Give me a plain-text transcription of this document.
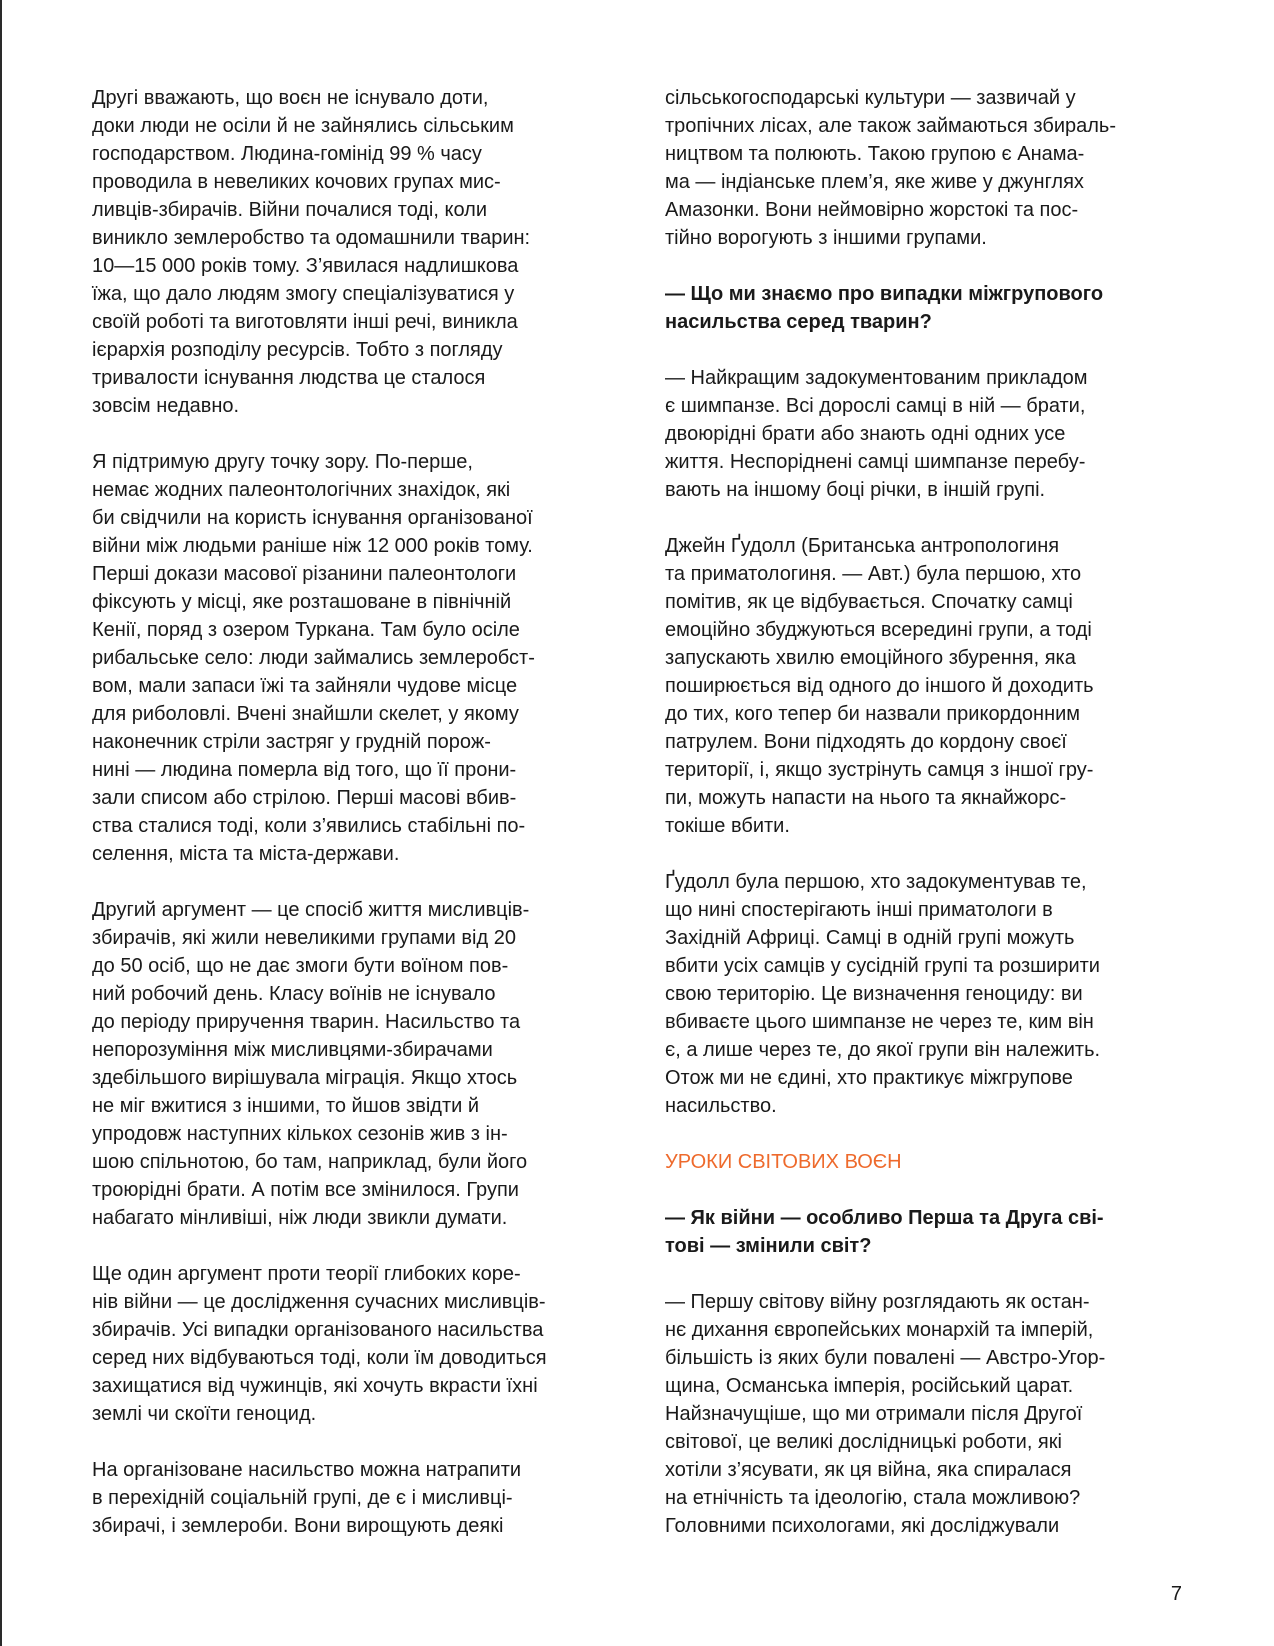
Другі вважають, що воєн не існувало доти,
доки люди не осіли й не зайнялись сільським
господарством. Людина-гомінід 99 % часу
проводила в невеликих кочових групах мис-
ливців-збирачів. Війни почалися тоді, коли
виникло землеробство та одомашнили тварин:
10—15 000 років тому. З’явилася надлишкова
їжа, що дало людям змогу спеціалізуватися у
своїй роботі та виготовляти інші речі, виникла
ієрархія розподілу ресурсів. Тобто з погляду
тривалости існування людства це сталося
зовсім недавно.

Я підтримую другу точку зору. По-перше,
немає жодних палеонтологічних знахідок, які
би свідчили на користь існування організованої
війни між людьми раніше ніж 12 000 років тому.
Перші докази масової різанини палеонтологи
фіксують у місці, яке розташоване в північній
Кенії, поряд з озером Туркана. Там було осіле
рибальське село: люди займались землеробст-
вом, мали запаси їжі та зайняли чудове місце
для риболовлі. Вчені знайшли скелет, у якому
наконечник стріли застряг у грудній порож-
нині — людина померла від того, що її прони-
зали списом або стрілою. Перші масові вбив-
ства сталися тоді, коли з’явились стабільні по-
селення, міста та міста-держави.

Другий аргумент — це спосіб життя мисливців-
збирачів, які жили невеликими групами від 20
до 50 осіб, що не дає змоги бути воїном пов-
ний робочий день. Класу воїнів не існувало
до періоду приручення тварин. Насильство та
непорозуміння між мисливцями-збирачами
здебільшого вирішувала міграція. Якщо хтось
не міг вжитися з іншими, то йшов звідти й
упродовж наступних кількох сезонів жив з ін-
шою спільнотою, бо там, наприклад, були його
троюрідні брати. А потім все змінилося. Групи
набагато мінливіші, ніж люди звикли думати.

Ще один аргумент проти теорії глибоких коре-
нів війни — це дослідження сучасних мисливців-
збирачів. Усі випадки організованого насильства
серед них відбуваються тоді, коли їм доводиться
захищатися від чужинців, які хочуть вкрасти їхні
землі чи скоїти геноцид.

На організоване насильство можна натрапити
в перехідній соціальній групі, де є і мисливці-
збирачі, і землероби. Вони вирощують деякі

сільськогосподарські культури — зазвичай у
тропічних лісах, але також займаються збираль-
ництвом та полюють. Такою групою є Анама-
ма — індіанське плем’я, яке живе у джунглях
Амазонки. Вони неймовірно жорстокі та пос-
тійно ворогують з іншими групами.

— Що ми знаємо про випадки міжгрупового
насильства серед тварин?

— Найкращим задокументованим прикладом
є шимпанзе. Всі дорослі самці в ній — брати,
двоюрідні брати або знають одні одних усе
життя. Неспоріднені самці шимпанзе перебу-
вають на іншому боці річки, в іншій групі.

Джейн Ґудолл (Британська антропологиня
та приматологиня. — Авт.) була першою, хто
помітив, як це відбувається. Спочатку самці
емоційно збуджуються всередині групи, а тоді
запускають хвилю емоційного збурення, яка
поширюється від одного до іншого й доходить
до тих, кого тепер би назвали прикордонним
патрулем. Вони підходять до кордону своєї
території, і, якщо зустрінуть самця з іншої гру-
пи, можуть напасти на нього та якнайжорс-
токіше вбити.

Ґудолл була першою, хто задокументував те,
що нині спостерігають інші приматологи в
Західній Африці. Самці в одній групі можуть
вбити усіх самців у сусідній групі та розширити
свою територію. Це визначення геноциду: ви
вбиваєте цього шимпанзе не через те, ким він
є, а лише через те, до якої групи він належить.
Отож ми не єдині, хто практикує міжгрупове
насильство.

УРОКИ СВІТОВИХ ВОЄН

— Як війни — особливо Перша та Друга сві-
тові — змінили світ?

— Першу світову війну розглядають як остан-
нє дихання європейських монархій та імперій,
більшість із яких були повалені — Австро-Угор-
щина, Османська імперія, російський царат.
Найзначущіше, що ми отримали після Другої
світової, це великі дослідницькі роботи, які
хотіли з’ясувати, як ця війна, яка спиралася
на етнічність та ідеологію, стала можливою?
Головними психологами, які досліджували

7
